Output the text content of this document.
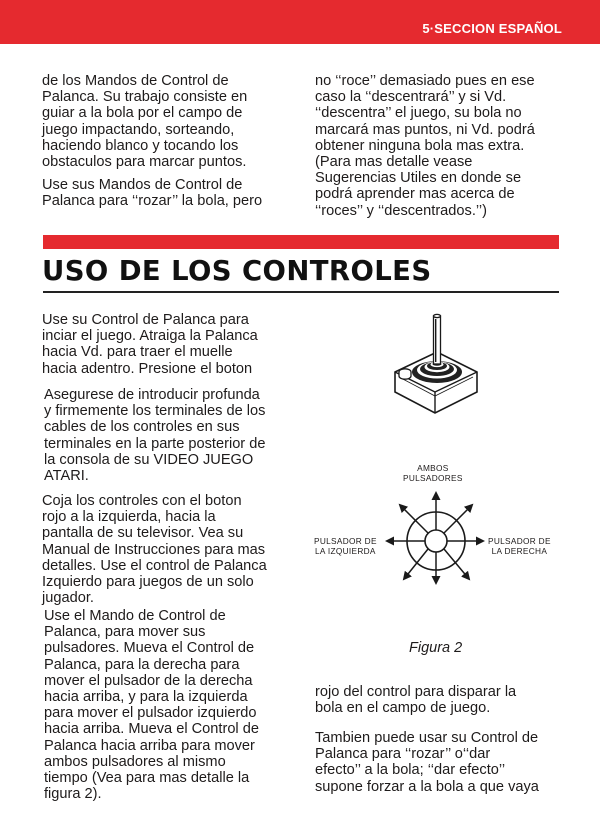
5·SECCION ESPAÑOL

de los Mandos de Control de
Palanca. Su trabajo consiste en
guiar a la bola por el campo de
juego impactando, sorteando,
haciendo blanco y tocando los
obstaculos para marcar puntos.

Use sus Mandos de Control de
Palanca para ‘‘rozar’’ la bola, pero

no ‘‘roce’’ demasiado pues en ese
caso la ‘‘descentrará’’ y si Vd.
‘‘descentra’’ el juego, su bola no
marcará mas puntos, ni Vd. podrá
obtener ninguna bola mas extra.
(Para mas detalle vease
Sugerencias Utiles en donde se
podrá aprender mas acerca de
‘‘roces’’ y ‘‘descentrados.’’)

USO DE LOS CONTROLES

Use su Control de Palanca para
inciar el juego. Atraiga la Palanca
hacia Vd. para traer el muelle
hacia adentro. Presione el boton

Asegurese de introducir profunda
y firmemente los terminales de los
cables de los controles en sus
terminales en la parte posterior de
la consola de su VIDEO JUEGO
ATARI.

Coja los controles con el boton
rojo a la izquierda, hacia la
pantalla de su televisor. Vea su
Manual de Instrucciones para mas
detalles. Use el control de Palanca
Izquierdo para juegos de un solo
jugador.

Use el Mando de Control de
Palanca, para mover sus
pulsadores. Mueva el Control de
Palanca, para la derecha para
mover el pulsador de la derecha
hacia arriba, y para la izquierda
para mover el pulsador izquierdo
hacia arriba. Mueva el Control de
Palanca hacia arriba para mover
ambos pulsadores al mismo
tiempo (Vea para mas detalle la
figura 2).

AMBOS
PULSADORES
PULSADOR DE
LA IZQUIERDA
PULSADOR DE
LA DERECHA

Figura 2

rojo del control para disparar la
bola en el campo de juego.

Tambien puede usar su Control de
Palanca para ‘‘rozar’’ o‘‘dar
efecto’’ a la bola; ‘‘dar efecto’’
supone forzar a la bola a que vaya
